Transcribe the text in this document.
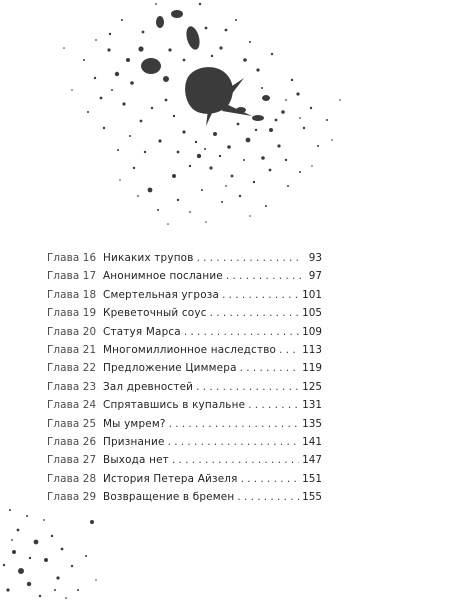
Глава 16 Никаких трупов . . .	93
Глава 17 Анонимное послание . . .	97
Глава 18 Смертельная угроза . . .	101
Глава 19 Креветочный соус . . .	105
Глава 20 Статуя Марса . . .	109
Глава 21 Многомиллионное наследство . . .	113
Глава 22 Предложение Циммера . . .	119
Глава 23 Зал древностей . . .	125
Глава 24 Спрятавшись в купальне . . .	131
Глава 25 Мы умрем? . . .	135
Глава 26 Признание . . .	141
Глава 27 Выхода нет . . .	147
Глава 28 История Петера Айзеля . . .	151
Глава 29 Возвращение в бремен . . .	155
